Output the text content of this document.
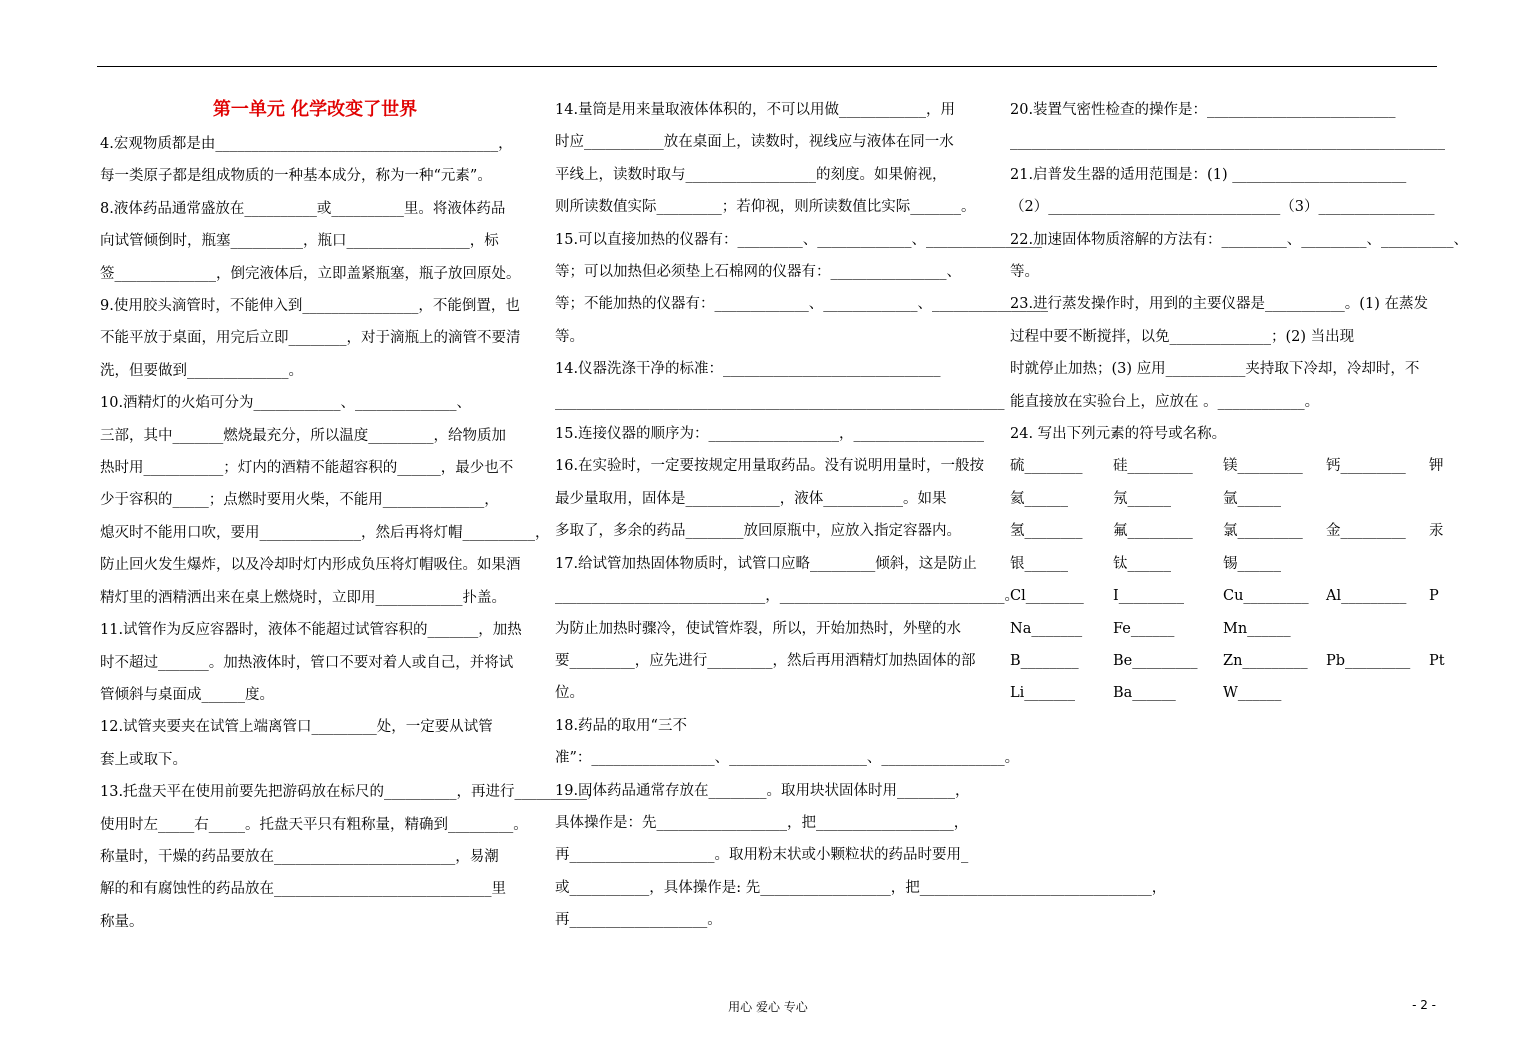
第一单元 化学改变了世界
4.宏观物质都是由_______________________________________，
每一类原子都是组成物质的一种基本成分，称为一种“元素”。
8.液体药品通常盛放在__________或__________里。将液体药品
向试管倾倒时，瓶塞__________，瓶口_________________，标
签______________，倒完液体后，立即盖紧瓶塞，瓶子放回原处。
9.使用胶头滴管时，不能伸入到________________，不能倒置，也
不能平放于桌面，用完后立即________，对于滴瓶上的滴管不要清
洗，但要做到______________。
10.酒精灯的火焰可分为____________、______________、
三部，其中_______燃烧最充分，所以温度_________，给物质加
热时用___________；灯内的酒精不能超容积的______，最少也不
少于容积的_____；点燃时要用火柴，不能用______________，
熄灭时不能用口吹，要用______________，然后再将灯帽__________，
防止回火发生爆炸，以及冷却时灯内形成负压将灯帽吸住。如果酒
精灯里的酒精洒出来在桌上燃烧时，立即用____________扑盖。
11.试管作为反应容器时，液体不能超过试管容积的_______，加热
时不超过_______。加热液体时，管口不要对着人或自己，并将试
管倾斜与桌面成______度。
12.试管夹要夹在试管上端离管口_________处，一定要从试管
套上或取下。
13.托盘天平在使用前要先把游码放在标尺的__________，再进行__________，
使用时左_____右_____。托盘天平只有粗称量，精确到_________。
称量时，干燥的药品要放在_________________________，易潮
解的和有腐蚀性的药品放在______________________________里
称量。
14.量筒是用来量取液体体积的，不可以用做____________，用
时应___________放在桌面上，读数时，视线应与液体在同一水
平线上，读数时取与__________________的刻度。如果俯视，
则所读数值实际_________；若仰视，则所读数值比实际_______。
15.可以直接加热的仪器有：_________、_____________、________________
等；可以加热但必须垫上石棉网的仪器有：________________、
等；不能加热的仪器有：_____________、_____________、________________
等。
14.仪器洗涤干净的标准：______________________________
______________________________________________________________
15.连接仪器的顺序为：__________________，__________________
16.在实验时，一定要按规定用量取药品。没有说明用量时，一般按
最少量取用，固体是_____________，液体___________。如果
多取了，多余的药品________放回原瓶中，应放入指定容器内。
17.给试管加热固体物质时，试管口应略_________倾斜，这是防止
_____________________________，_______________________________。
为防止加热时骤冷，使试管炸裂，所以，开始加热时，外壁的水
要_________，应先进行_________，然后再用酒精灯加热固体的部
位。
18.药品的取用“三不
准”：_________________、___________________、_________________。
19.固体药品通常存放在________。取用块状固体时用________，
具体操作是：先__________________，把___________________，
再____________________。取用粉末状或小颗粒状的药品时要用_
或___________，具体操作是: 先__________________，把________________________________，
再___________________。
20.装置气密性检查的操作是：__________________________
____________________________________________________________
21.启普发生器的适用范围是：(1) ________________________
（2）________________________________（3）________________
22.加速固体物质溶解的方法有：_________、_________、__________、
等。
23.进行蒸发操作时，用到的主要仪器是___________。(1) 在蒸发
过程中要不断搅拌，以免______________；(2) 当出现
时就停止加热；(3) 应用___________夹持取下冷却，冷却时，不
能直接放在实验台上，应放在 。____________。
24. 写出下列元素的符号或名称。
硫________	硅_________	镁_________	钙_________	钾
氦______	氖______	氩______
氢________	氟_________	氯_________	金_________	汞
银______	钛______	锡______
Cl________	I_________	Cu_________	Al_________	P
Na_______	Fe______	Mn______
B________	Be_________	Zn_________	Pb_________	Pt
Li_______	Ba______	W______
用心 爱心 专心	- 2 -
